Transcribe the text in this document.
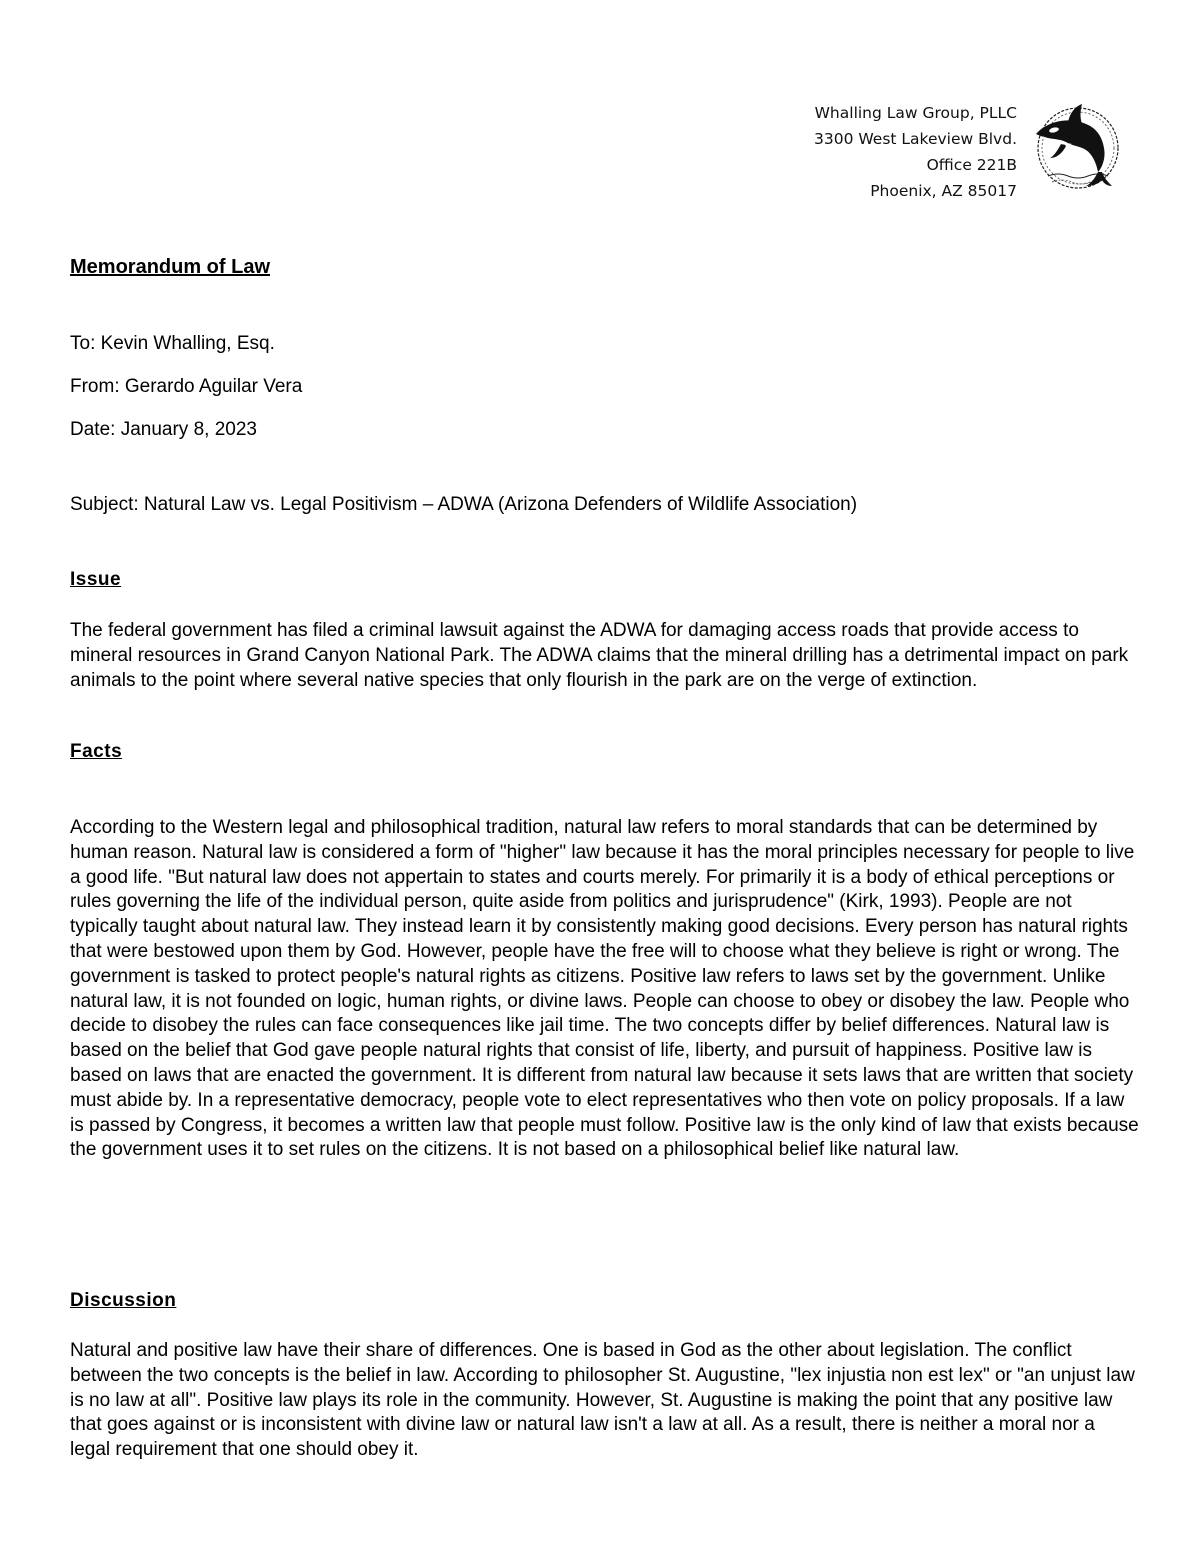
Whalling Law Group, PLLC
3300 West Lakeview Blvd.
Office 221B
Phoenix, AZ 85017
Memorandum of Law
To: Kevin Whalling, Esq.
From: Gerardo Aguilar Vera
Date: January 8, 2023
Subject: Natural Law vs. Legal Positivism – ADWA (Arizona Defenders of Wildlife Association)
Issue
The federal government has filed a criminal lawsuit against the ADWA for damaging access roads that provide access to mineral resources in Grand Canyon National Park. The ADWA claims that the mineral drilling has a detrimental impact on park animals to the point where several native species that only flourish in the park are on the verge of extinction.
Facts
According to the Western legal and philosophical tradition, natural law refers to moral standards that can be determined by human reason. Natural law is considered a form of "higher" law because it has the moral principles necessary for people to live a good life. "But natural law does not appertain to states and courts merely. For primarily it is a body of ethical perceptions or rules governing the life of the individual person, quite aside from politics and jurisprudence" (Kirk, 1993). People are not typically taught about natural law. They instead learn it by consistently making good decisions. Every person has natural rights that were bestowed upon them by God. However, people have the free will to choose what they believe is right or wrong. The government is tasked to protect people's natural rights as citizens. Positive law refers to laws set by the government. Unlike natural law, it is not founded on logic, human rights, or divine laws. People can choose to obey or disobey the law. People who decide to disobey the rules can face consequences like jail time. The two concepts differ by belief differences. Natural law is based on the belief that God gave people natural rights that consist of life, liberty, and pursuit of happiness. Positive law is based on laws that are enacted the government. It is different from natural law because it sets laws that are written that society must abide by. In a representative democracy, people vote to elect representatives who then vote on policy proposals. If a law is passed by Congress, it becomes a written law that people must follow. Positive law is the only kind of law that exists because the government uses it to set rules on the citizens. It is not based on a philosophical belief like natural law.
Discussion
Natural and positive law have their share of differences. One is based in God as the other about legislation. The conflict between the two concepts is the belief in law. According to philosopher St. Augustine, "lex injustia non est lex" or "an unjust law is no law at all". Positive law plays its role in the community. However, St. Augustine is making the point that any positive law that goes against or is inconsistent with divine law or natural law isn't a law at all. As a result, there is neither a moral nor a legal requirement that one should obey it.
